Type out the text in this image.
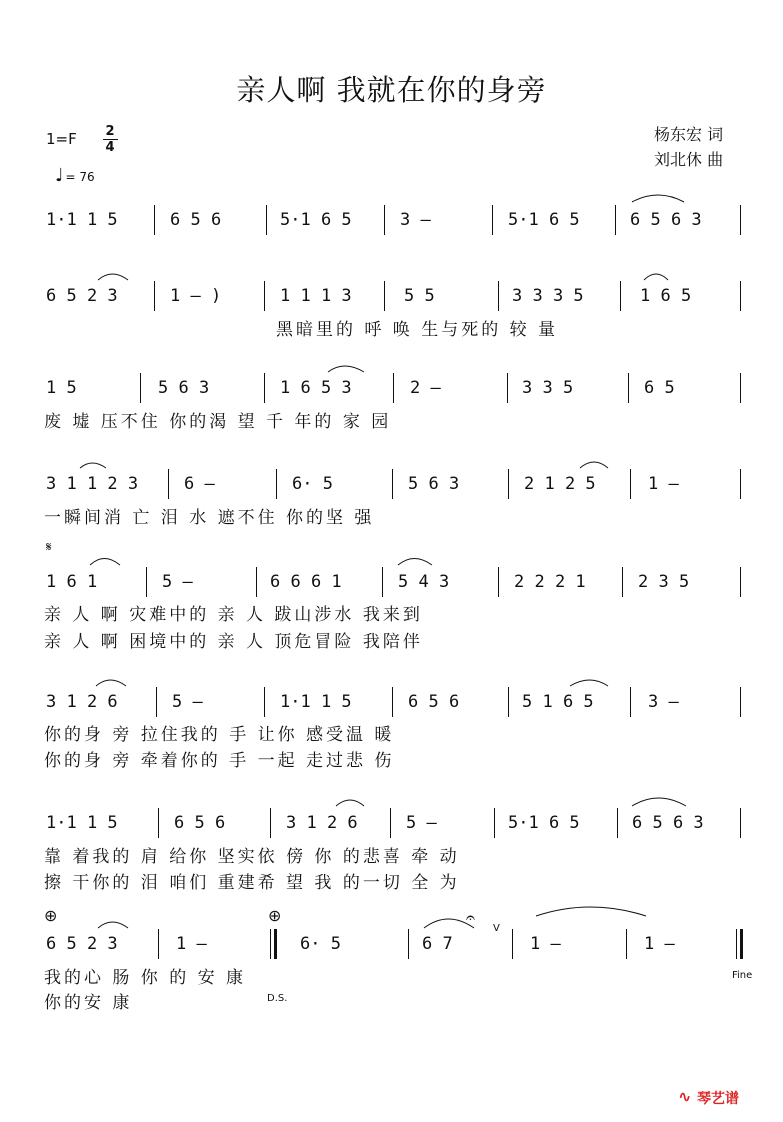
亲人啊 我就在你的身旁
1=F 2
4
♩ = 76
杨东宏 词
刘北休 曲
1·1 1 5	6 5 6	5·1 6 5	3 –	5·1 6 5	6 5 6 3
6 5 2 3	1 – )	1 1 1 3	5 5	3 3 3 5	1 6 5
黑暗里的 呼 唤 生与死的 较 量
1 5	5 6 3	1 6 5 3	2 –	3 3 5	6 5
废 墟 压不住 你的渴 望 千 年的 家 园
3 1 1 2 3	6 –	6· 5	5 6 3	2 1 2 5	1 –
一瞬间消 亡 泪 水 遮不住 你的坚 强
𝄋
1 6 1	5 –	6 6 6 1	5 4 3	2 2 2 1	2 3 5
亲 人 啊 灾难中的 亲 人 跋山涉水 我来到
亲 人 啊 困境中的 亲 人 顶危冒险 我陪伴
3 1 2 6	5 –	1·1 1 5	6 5 6	5 1 6 5	3 –
你的身 旁 拉住我的 手 让你 感受温 暖
你的身 旁 牵着你的 手 一起 走过悲 伤
1·1 1 5	6 5 6	3 1 2 6	5 –	5·1 6 5	6 5 6 3
靠 着我的 肩 给你 坚实依 傍 你 的悲喜 牵 动
擦 干你的 泪 咱们 重建希 望 我 的一切 全 为
⊕	⊕
6 5 2 3	1 –	6· 5	6 7
𝄐
V
1 –	1 –
我的心 肠 你 的 安 康	Fine
你的安 康	D.S.
∿ 琴艺谱
